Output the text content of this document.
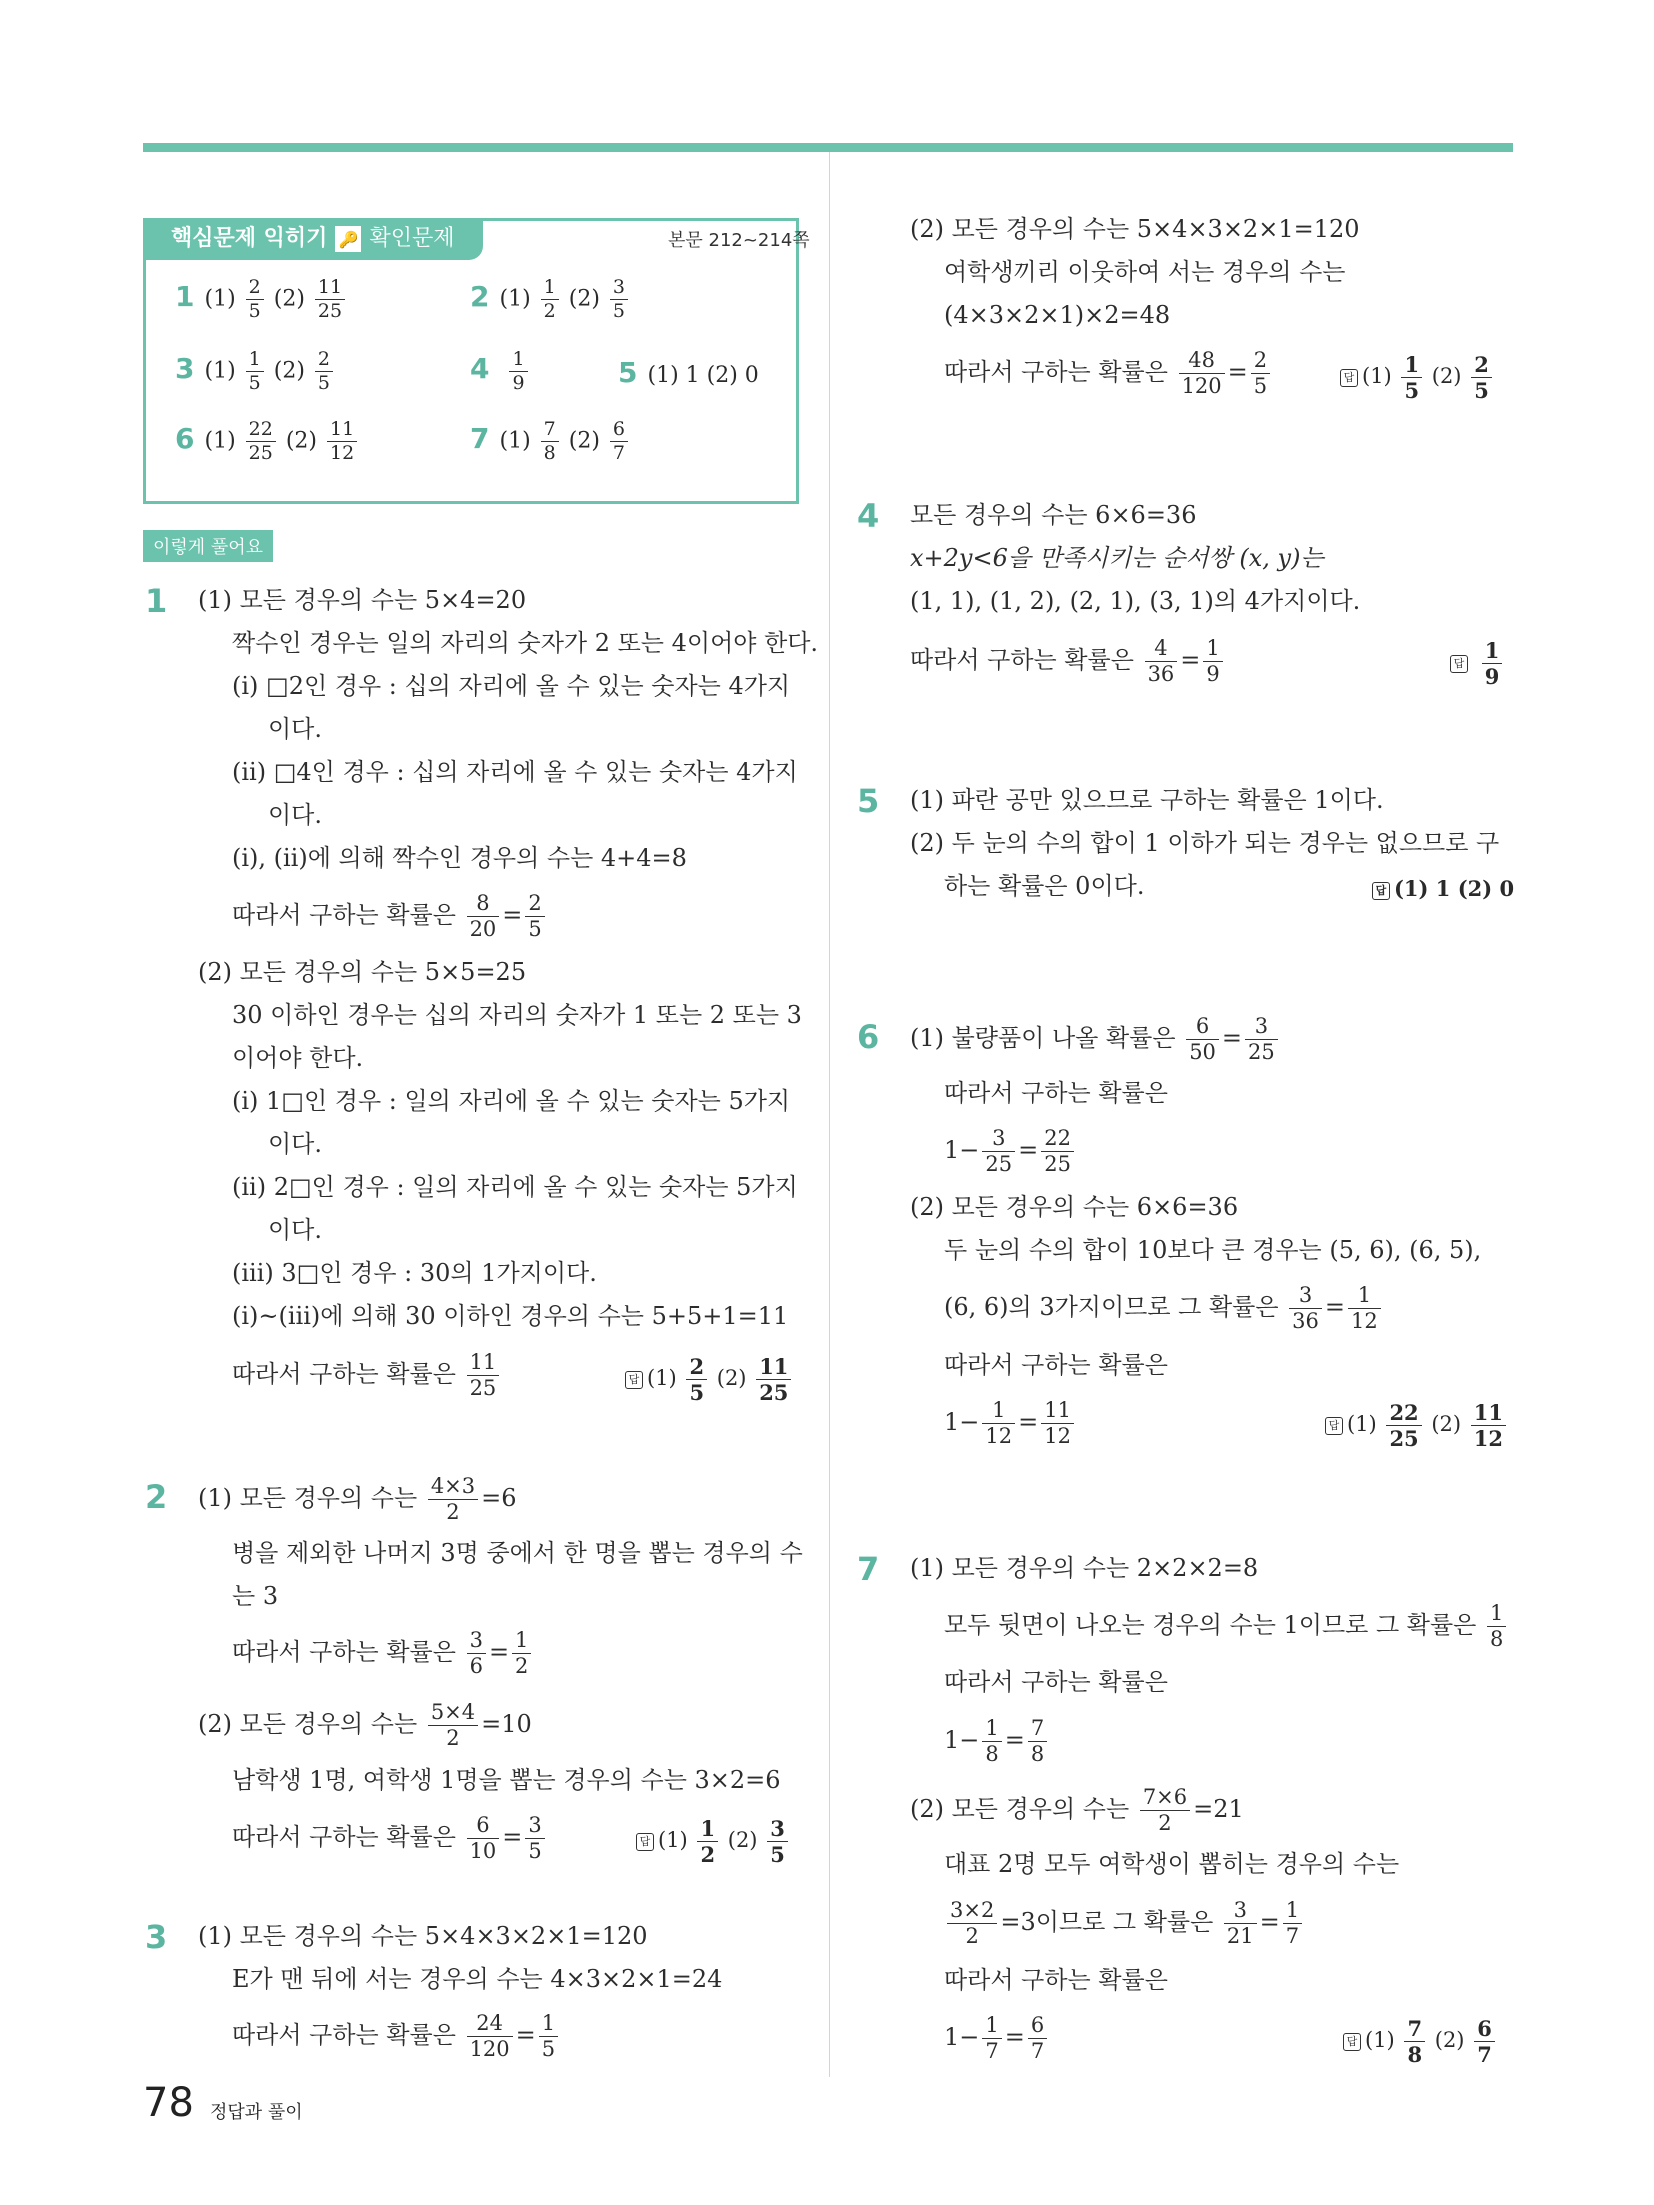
핵심문제 익히기 🔑 확인문제	본문 212~214쪽
1 $(1) \frac{2}{5} (2) \frac{11}{25}$	2 $(1) \frac{1}{2} (2) \frac{3}{5}$
3 $(1) \frac{1}{5} (2) \frac{2}{5}$	$4 \frac{1}{9}$	5 (1) 1 (2) 0
6 $(1) \frac{22}{25} (2) \frac{11}{12}$	7 $(1) \frac{7}{8} (2) \frac{6}{7}$
이렇게 풀어요
1 (1) 모든 경우의 수는 5×4=20
짝수인 경우는 일의 자리의 숫자가 2 또는 4이어야 한다.
(ⅰ) □2인 경우 : 십의 자리에 올 수 있는 숫자는 4가지
이다.
(ⅱ) □4인 경우 : 십의 자리에 올 수 있는 숫자는 4가지
이다.
(ⅰ), (ⅱ)에 의해 짝수인 경우의 수는 4+4=8
따라서 구하는 확률은 $\frac{8}{20} = \frac{2}{5}$
(2) 모든 경우의 수는 5×5=25
30 이하인 경우는 십의 자리의 숫자가 1 또는 2 또는 3
이어야 한다.
(ⅰ) 1□인 경우 : 일의 자리에 올 수 있는 숫자는 5가지
이다.
(ⅱ) 2□인 경우 : 일의 자리에 올 수 있는 숫자는 5가지
이다.
(ⅲ) 3□인 경우 : 30의 1가지이다.
(ⅰ)~(ⅲ)에 의해 30 이하인 경우의 수는 5+5+1=11
따라서 구하는 확률은 $\frac{11}{25}$	답 $(1) \frac{2}{5} (2) \frac{11}{25}$
2 (1) 모든 경우의 수는 $\frac{4\times 3}{2} =6$
병을 제외한 나머지 3명 중에서 한 명을 뽑는 경우의 수
는 3
따라서 구하는 확률은 $\frac{3}{6} = \frac{1}{2}$
(2) 모든 경우의 수는 $\frac{5\times 4}{2} =10$
남학생 1명, 여학생 1명을 뽑는 경우의 수는 3×2=6
따라서 구하는 확률은 $\frac{6}{10} = \frac{3}{5}$	답 $(1) \frac{1}{2} (2) \frac{3}{5}$
3 (1) 모든 경우의 수는 5×4×3×2×1=120
E가 맨 뒤에 서는 경우의 수는 4×3×2×1=24
따라서 구하는 확률은 $\frac{24}{120} = \frac{1}{5}$
(2) 모든 경우의 수는 5×4×3×2×1=120
여학생끼리 이웃하여 서는 경우의 수는
(4×3×2×1)×2=48
따라서 구하는 확률은 $\frac{48}{120} = \frac{2}{5}$	답 $(1) \frac{1}{5} (2) \frac{2}{5}$
4 모든 경우의 수는 6×6=36
x+2y<6을 만족시키는 순서쌍 (x, y)는
(1, 1), (1, 2), (2, 1), (3, 1)의 4가지이다.
따라서 구하는 확률은 $\frac{4}{36} = \frac{1}{9}$	답 $\frac{1}{9}$
5 (1) 파란 공만 있으므로 구하는 확률은 1이다.
(2) 두 눈의 수의 합이 1 이하가 되는 경우는 없으므로 구
하는 확률은 0이다.	답 (1) 1 (2) 0
6 (1) 불량품이 나올 확률은 $\frac{6}{50} = \frac{3}{25}$
따라서 구하는 확률은
$1- \frac{3}{25} = \frac{22}{25}$
(2) 모든 경우의 수는 6×6=36
두 눈의 수의 합이 10보다 큰 경우는 (5, 6), (6, 5),
(6, 6)의 3가지이므로 그 확률은 $\frac{3}{36} = \frac{1}{12}$
따라서 구하는 확률은
$1- \frac{1}{12} = \frac{11}{12}$	답 $(1) \frac{22}{25} (2) \frac{11}{12}$
7 (1) 모든 경우의 수는 2×2×2=8
모두 뒷면이 나오는 경우의 수는 1이므로 그 확률은 $\frac{1}{8}$
따라서 구하는 확률은
$1- \frac{1}{8} = \frac{7}{8}$
(2) 모든 경우의 수는 $\frac{7\times 6}{2} =21$
대표 2명 모두 여학생이 뽑히는 경우의 수는
$\frac{3\times 2}{2} =3$이므로 그 확률은 $\frac{3}{21} = \frac{1}{7}$
따라서 구하는 확률은
$1- \frac{1}{7} = \frac{6}{7}$	답 $(1) \frac{7}{8} (2) \frac{6}{7}$
78 정답과 풀이
